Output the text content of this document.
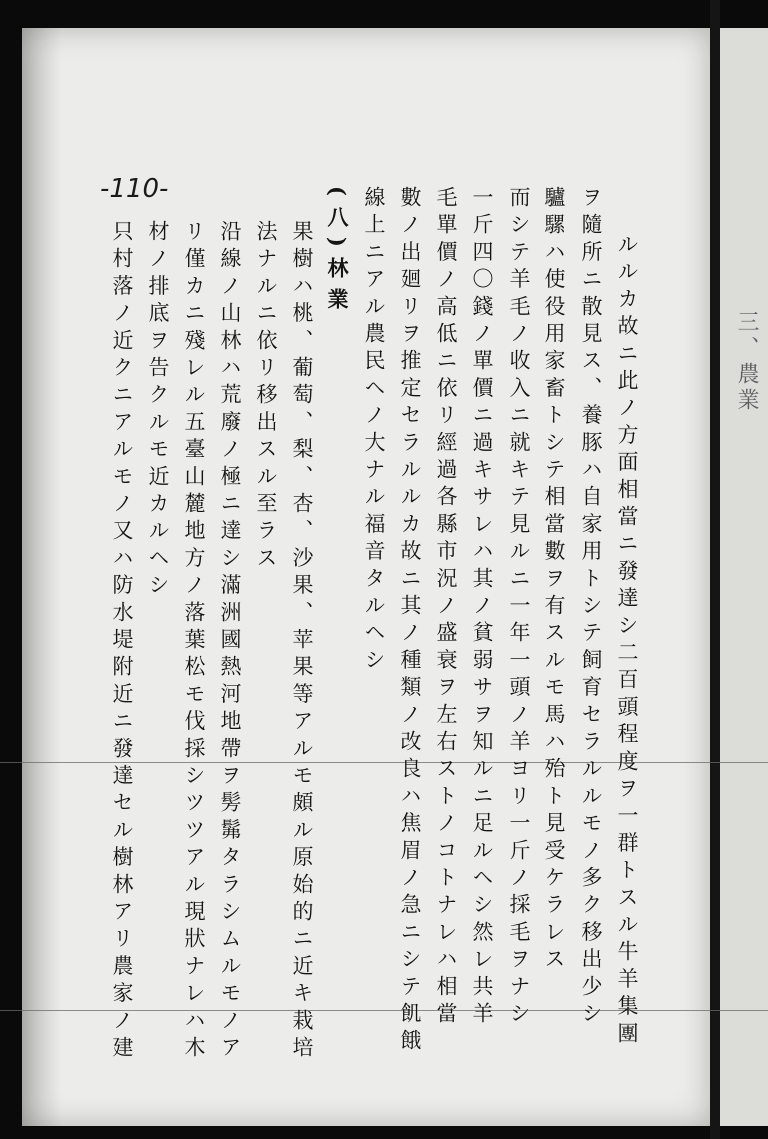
三、農業
-110-
ルルカ故ニ此ノ方面相當ニ發達シ二百頭程度ヲ一群トスル牛羊集團
ヲ隨所ニ散見ス、養豚ハ自家用トシテ飼育セラルルモノ多ク移出少シ
驢騾ハ使役用家畜トシテ相當數ヲ有スルモ馬ハ殆ト見受ケラレス
而シテ羊毛ノ收入ニ就キテ見ルニ一年一頭ノ羊ヨリ一斤ノ採毛ヲナシ
一斤四〇錢ノ單價ニ過キサレハ其ノ貧弱サヲ知ルニ足ルヘシ然レ共羊
毛單價ノ高低ニ依リ經過各縣市況ノ盛衰ヲ左右ストノコトナレハ相當
數ノ出廻リヲ推定セラルルカ故ニ其ノ種類ノ改良ハ焦眉ノ急ニシテ飢餓
線上ニアル農民ヘノ大ナル福音タルヘシ
(八)林業
果樹ハ桃、葡萄、梨、杏、沙果、苹果等アルモ頗ル原始的ニ近キ栽培
法ナルニ依リ移出スル至ラス
沿線ノ山林ハ荒廢ノ極ニ達シ滿洲國熱河地帶ヲ髣髴タラシムルモノア
リ僅カニ殘レル五臺山麓地方ノ落葉松モ伐採シツツアル現狀ナレハ木
材ノ排底ヲ告クルモ近カルヘシ
只村落ノ近クニアルモノ又ハ防水堤附近ニ發達セル樹林アリ農家ノ建
